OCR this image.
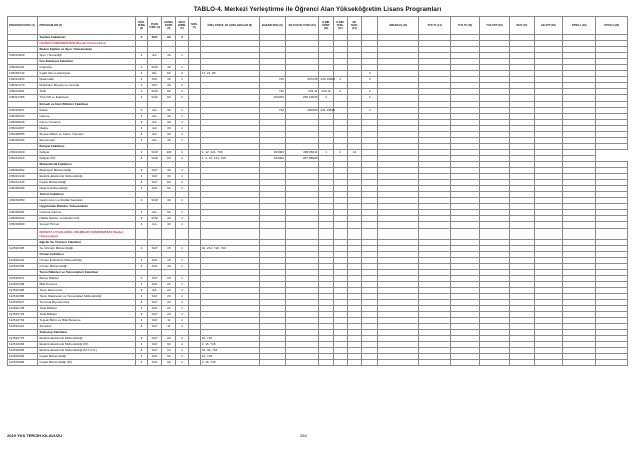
TABLO-4. Merkezi Yerleştirme ile Öğrenci Alan Yükseköğretim Lisans Programları
PROGRAM KODU (1)	PROGRAM ADI (2)	ÖĞR. SÜRE (3)	PUAN TÜRÜ (4)	GENEL KONT. (5)	OKUL BİRİN. (6)	YERL. (7)	ÖZEL KOŞUL VE AÇIKLAMALAR (8)	BAŞARI SIRA (9)	EN KÜÇÜK PUAN (10)	O.BİR. KONT. (11)	O.BİR. YERL. (12)	EK YERL. (13)		ARKADAŞ (14)	TUS T1 (14)	TUS T2 (15)	TUS KTP (16)	DUS (17)	AB AYP (18)	KPSS-1 (19)	KPSS-2 (20)
	Toplam Fakülteler	6	SAY	60	3																
	ÜÇÜNCÜ ÜNİVERSİTESİ (Devlet Üniversitesi)																				
	Beden Eğitimi ve Spor Yüksekokulu																				
105210039	Spor Yöneticiliği	4	EA	40	1																
	Fen-Edebiyat Fakültesi																				
105290241	Coğrafya	4	SÖZ	40	1																
105290742	İngiliz Dili ve Edebiyatı	4	DİL	60	3		17, 21, 89						3								
105210333	Matematik	4	SAY	30	1			740	367236	230,19803	2		3								
105210179	Moleküler Biyoloji ve Genetik	4	SAY	30	1																
105210081	Tarih	4	SÖZ	60	2			740	234,11	234,11	2		2								
105210156	Türk Dili ve Edebiyatı	4	SÖZ	60	2			406200	266,19649	2			2								
	İktisadi ve İdari Bilimler Fakültesi																				
105210047	İktisat	4	EA	30	1			740	400330	231,15529			4								
105290343	İşletme	4	EA	40	1																
105290049	Kamu Yönetimi	4	EA	30	1																
105210297	Maliye	4	EA	30	1																
105290255	Siyaset Bilimi ve Kamu Yönetimi	4	EA	30	1																
105290334	Ekonometri	4	EA	30	1																
	İlahiyat Fakültesi																				
105210229	İlahiyat	4	SÖZ	140	4		1, 12, 121, 708	181006	306,86011	1	2	12									
105210229	İlahiyat (İÖ)	4	SÖZ	60	2		1, 2, 12, 121, 708	234300	287,08906												
	Mühendislik Fakültesi																				
105290362	Bilgisayar Mühendisliği	4	SAY	40	1																
105210149	Elektrik-Elektronik Mühendisliği	4	SAY	30	1																
105210144	İnşaat Mühendisliği	4	SAY	60	2																
105290266	Makine Mühendisliği	4	SAY	60	2																
	Turizm Fakültesi																				
105290259	Gastronomi ve Mutfak Sanatları	4	SÖZ	40	1																
	Uygulamalı Bilimler Yüksekokulu																				
105290291	Gümrük İşletme	4	EA	60	1																
105290342	Halkla İlişkiler ve Reklamcılık	4	SÖZ	40	1																
105290099	Sosyal Hizmet	4	EA	40	1																
	ISPARTA UYGULAMALI BİLİMLER ÜNİVERSİTESİ (Devlet Üniversitesi)																				
	Eğirdir Su Ürünleri Fakültesi																				
112510325	Su Ürünleri Mühendisliği	4	SAY	15	1		32, 231, 718, 740														
	Orman Fakültesi																				
112510224	Orman Endüstrisi Mühendisliği	4	SAY	15	1																
112510335	Orman Mühendisliği	4	SAY	40	1																
	Tarım Bilimleri ve Teknolojileri Fakültesi																				
112510071	Bahçe Bitkileri	4	SAY	20	1																
112510308	Bitki Koruma	4	SAY	20	1																
112510395	Tarım Ekonomisi	4	EA	20	1																
112510386	Tarım Makineleri ve Teknolojileri Mühendisliği	4	SAY	20	1																
112510847	Tarımsal Biyoteknoloji	4	SAY	20	1																
112510728	Tarla Bitkileri	4	SAY	20	1																
112510723	Tarla Bitkileri	4	SAY	20	1																
112510732	Toprak Bilimi ve Bitki Besleme	4	SAY	11	1																
112510421	Zootekni	4	SAY	11	1																
	Teknoloji Fakültesi																				
112510775	Elektrik-Elektronik Mühendisliği	4	SAY	60	2		16, 718														
112510393	Elektrik-Elektronik Mühendisliği (İÖ)	4	SAY	60	2		2, 16, 718														
112510846	Elektrik-Elektronik Mühendisliği (M.T.O.K.)	4	SAY	14	1		16, 46, 718														
112510962	İnşaat Mühendisliği	4	SAY	60	2		16, 718														
112510969	İnşaat Mühendisliği (İÖ)	4	SAY	60	2		2, 16, 718														
2019 YKS TERCİH KILAVUZU	264
